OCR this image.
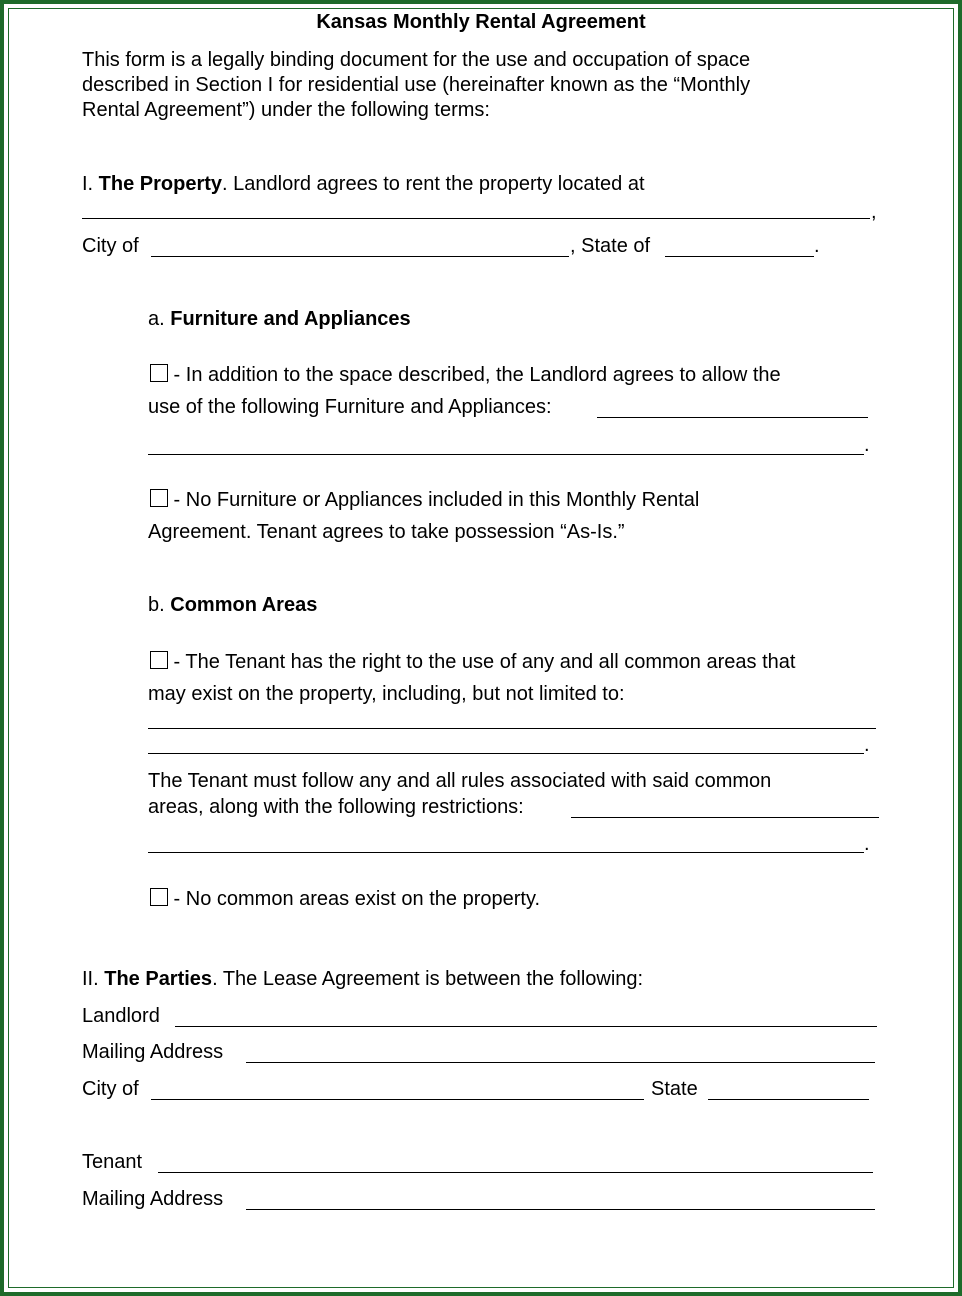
Kansas Monthly Rental Agreement
This form is a legally binding document for the use and occupation of space
described in Section I for residential use (hereinafter known as the “Monthly
Rental Agreement”) under the following terms:
I. The Property. Landlord agrees to rent the property located at
,
City of	, State of	.
a. Furniture and Appliances
- In addition to the space described, the Landlord agrees to allow the
use of the following Furniture and Appliances:
.
- No Furniture or Appliances included in this Monthly Rental
Agreement. Tenant agrees to take possession “As-Is.”
b. Common Areas
- The Tenant has the right to the use of any and all common areas that
may exist on the property, including, but not limited to:
.
The Tenant must follow any and all rules associated with said common
areas, along with the following restrictions:
.
- No common areas exist on the property.
II. The Parties. The Lease Agreement is between the following:
Landlord
Mailing Address
City of	State
Tenant
Mailing Address
